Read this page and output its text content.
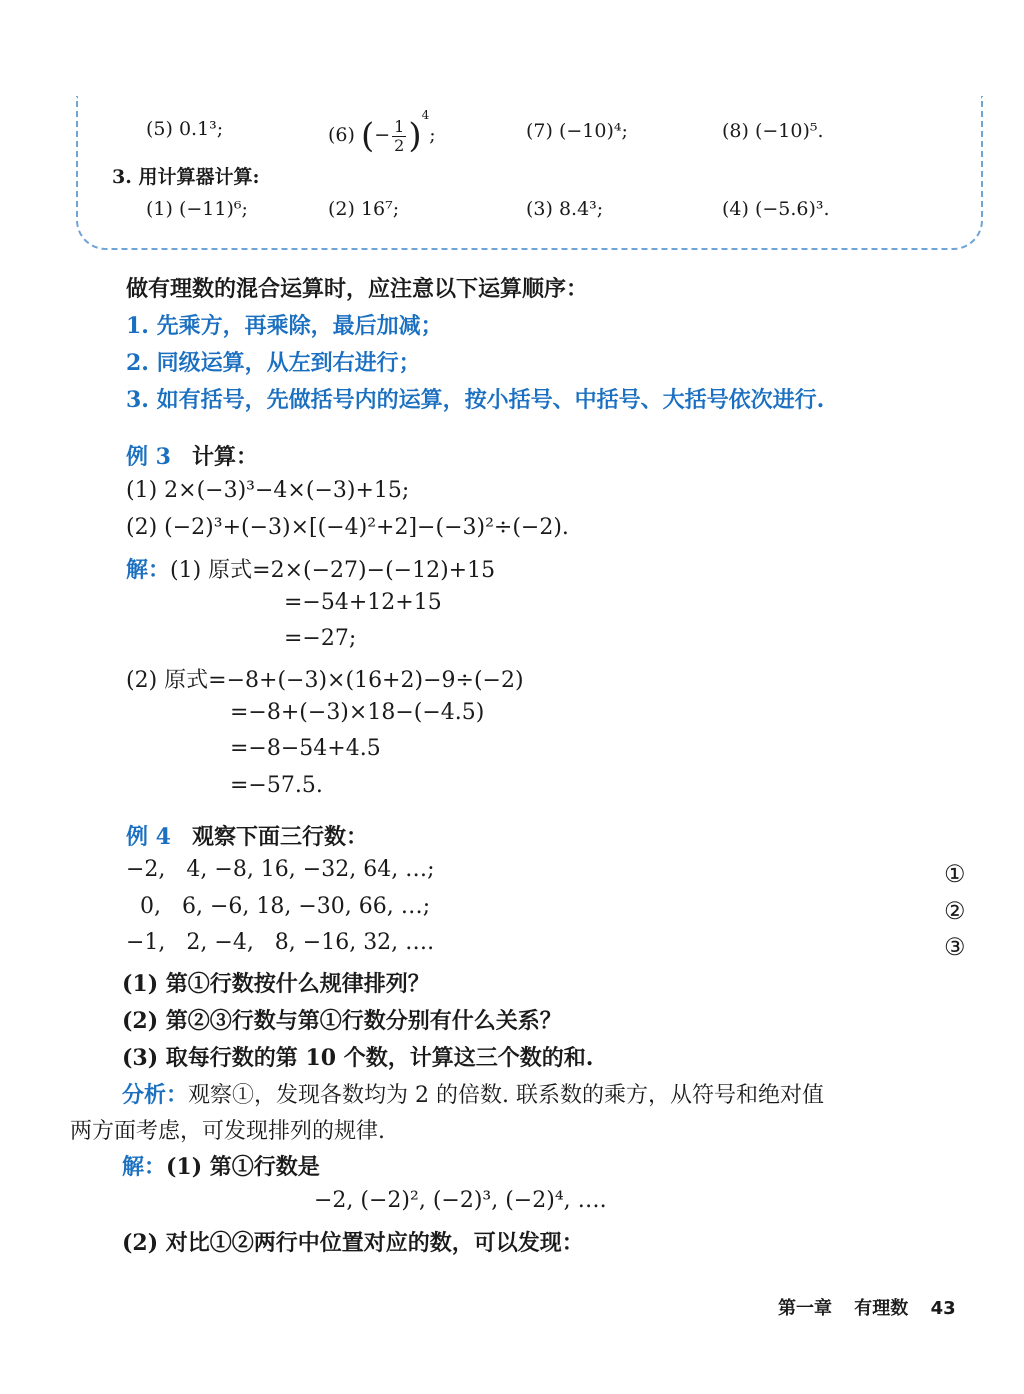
(5) 0.1³;	(6) (− $\frac{1}{2} )^4$;	(7) (−10)⁴;	(8) (−10)⁵.
3. 用计算器计算:
(1) (−11)⁶;	(2) 16⁷;	(3) 8.4³;	(4) (−5.6)³.
做有理数的混合运算时，应注意以下运算顺序：
1. 先乘方，再乘除，最后加减；
2. 同级运算，从左到右进行；
3. 如有括号，先做括号内的运算，按小括号、中括号、大括号依次进行.
例 3 计算：
(1) 2×(−3)³−4×(−3)+15;
(2) (−2)³+(−3)×[(−4)²+2]−(−3)²÷(−2).
解：(1) 原式=2×(−27)−(−12)+15
=−54+12+15
=−27;
(2) 原式=−8+(−3)×(16+2)−9÷(−2)
=−8+(−3)×18−(−4.5)
=−8−54+4.5
=−57.5.
例 4 观察下面三行数：
−2,   4, −8, 16, −32, 64, …;	①
0,   6, −6, 18, −30, 66, …;	②
−1,   2, −4,   8, −16, 32, ….	③
(1) 第①行数按什么规律排列？
(2) 第②③行数与第①行数分别有什么关系？
(3) 取每行数的第 10 个数，计算这三个数的和.
分析：观察①，发现各数均为 2 的倍数. 联系数的乘方，从符号和绝对值
两方面考虑，可发现排列的规律.
解：(1) 第①行数是
−2, (−2)², (−2)³, (−2)⁴, ….
(2) 对比①②两行中位置对应的数，可以发现：
第一章 有理数 43
